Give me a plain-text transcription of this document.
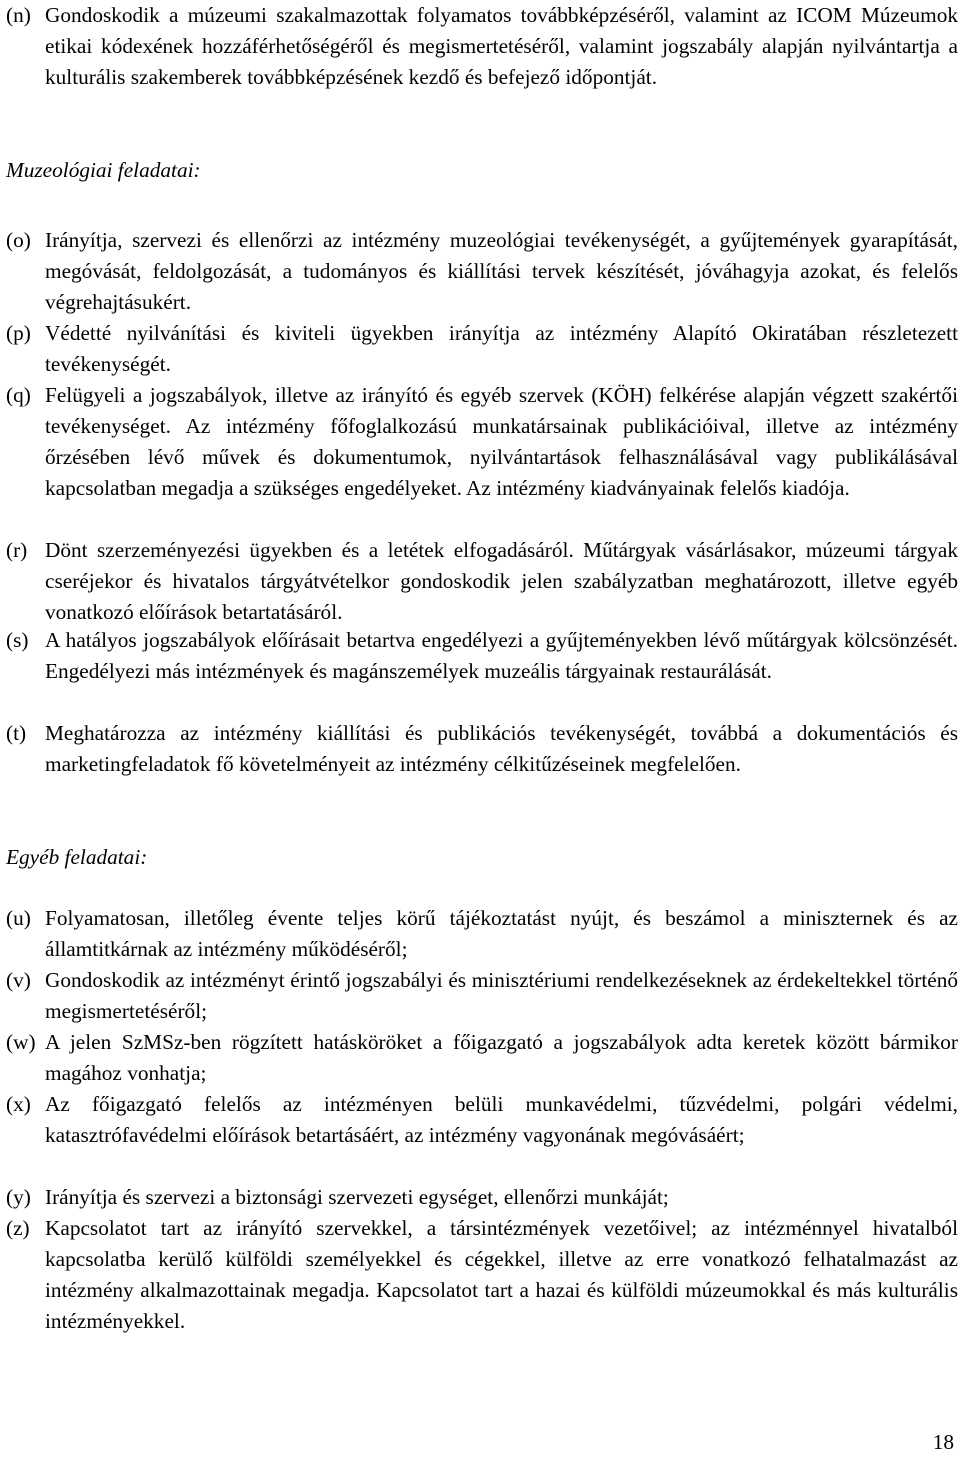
(n) Gondoskodik a múzeumi szakalmazottak folyamatos továbbképzéséről, valamint az ICOM Múzeumok etikai kódexének hozzáférhetőségéről és megismertetéséről, valamint jogszabály alapján nyilvántartja a kulturális szakemberek továbbképzésének kezdő és befejező időpontját.
Muzeológiai feladatai:
(o) Irányítja, szervezi és ellenőrzi az intézmény muzeológiai tevékenységét, a gyűjtemények gyarapítását, megóvását, feldolgozását, a tudományos és kiállítási tervek készítését, jóváhagyja azokat, és felelős végrehajtásukért.
(p) Védetté nyilvánítási és kiviteli ügyekben irányítja az intézmény Alapító Okiratában részletezett tevékenységét.
(q) Felügyeli a jogszabályok, illetve az irányító és egyéb szervek (KÖH) felkérése alapján végzett szakértői tevékenységet. Az intézmény főfoglalkozású munkatársainak publikációival, illetve az intézmény őrzésében lévő művek és dokumentumok, nyilvántartások felhasználásával vagy publikálásával kapcsolatban megadja a szükséges engedélyeket. Az intézmény kiadványainak felelős kiadója.
(r) Dönt szerzeményezési ügyekben és a letétek elfogadásáról. Műtárgyak vásárlásakor, múzeumi tárgyak cseréjekor és hivatalos tárgyátvételkor gondoskodik jelen szabályzatban meghatározott, illetve egyéb vonatkozó előírások betartatásáról.
(s) A hatályos jogszabályok előírásait betartva engedélyezi a gyűjteményekben lévő műtárgyak kölcsönzését. Engedélyezi más intézmények és magánszemélyek muzeális tárgyainak restaurálását.
(t) Meghatározza az intézmény kiállítási és publikációs tevékenységét, továbbá a dokumentációs és marketingfeladatok fő követelményeit az intézmény célkitűzéseinek megfelelően.
Egyéb feladatai:
(u) Folyamatosan, illetőleg évente teljes körű tájékoztatást nyújt, és beszámol a miniszternek és az államtitkárnak az intézmény működéséről;
(v) Gondoskodik az intézményt érintő jogszabályi és minisztériumi rendelkezéseknek az érdekeltekkel történő megismertetéséről;
(w) A jelen SzMSz-ben rögzített hatásköröket a főigazgató a jogszabályok adta keretek között bármikor magához vonhatja;
(x) Az főigazgató felelős az intézményen belüli munkavédelmi, tűzvédelmi, polgári védelmi, katasztrófavédelmi előírások betartásáért, az intézmény vagyonának megóvásáért;
(y) Irányítja és szervezi a biztonsági szervezeti egységet, ellenőrzi munkáját;
(z) Kapcsolatot tart az irányító szervekkel, a társintézmények vezetőivel; az intézménnyel hivatalból kapcsolatba kerülő külföldi személyekkel és cégekkel, illetve az erre vonatkozó felhatalmazást az intézmény alkalmazottainak megadja. Kapcsolatot tart a hazai és külföldi múzeumokkal és más kulturális intézményekkel.
18
